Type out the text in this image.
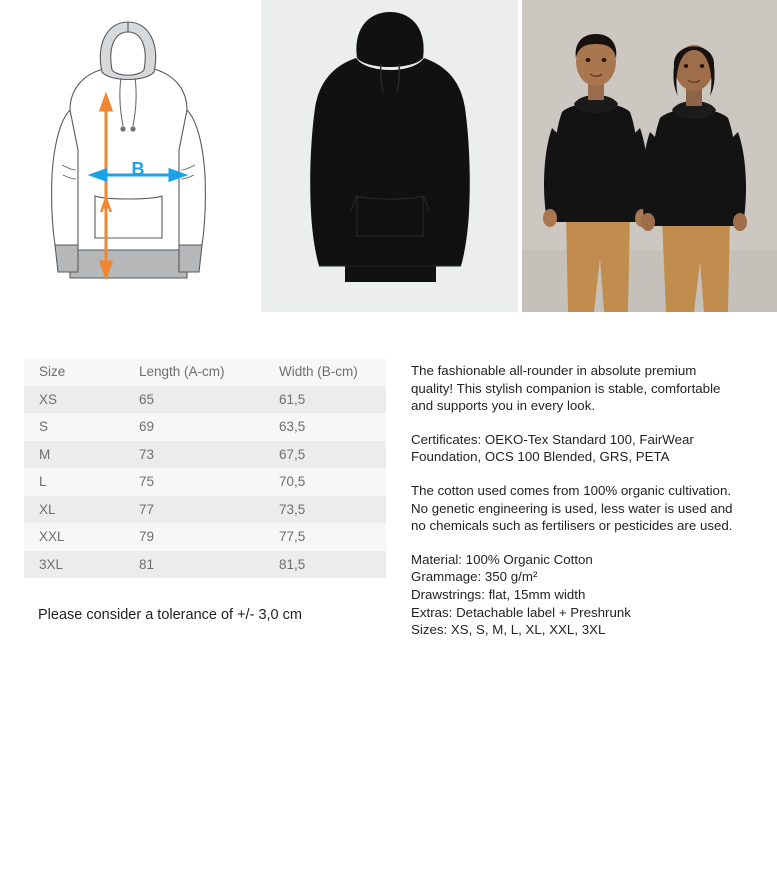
A
B
Size	Length (A-cm)	Width (B-cm)
XS	65	61,5
S	69	63,5
M	73	67,5
L	75	70,5
XL	77	73,5
XXL	79	77,5
3XL	81	81,5
Please consider a tolerance of +/- 3,0 cm

The fashionable all-rounder in absolute premium quality! This stylish companion is stable, comfortable and supports you in every look.

Certificates: OEKO-Tex Standard 100, FairWear Foundation, OCS 100 Blended, GRS, PETA

The cotton used comes from 100% organic cultivation. No genetic engineering is used, less water is used and no chemicals such as fertilisers or pesticides are used.

Material: 100% Organic Cotton

Grammage: 350 g/m²

Drawstrings: flat, 15mm width

Extras: Detachable label + Preshrunk

Sizes: XS, S, M, L, XL, XXL, 3XL
